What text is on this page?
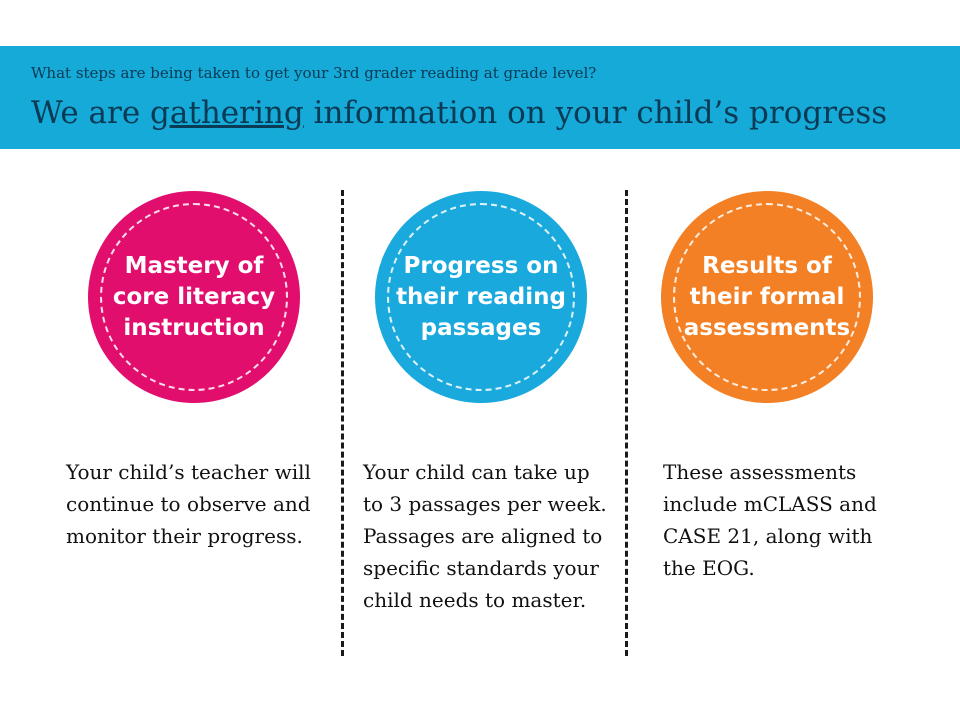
What steps are being taken to get your 3rd grader reading at grade level?
We are gathering information on your child’s progress
Mastery of core literacy instruction
Progress on their reading passages
Results of their formal assessments
Your child’s teacher will continue to observe and monitor their progress.
Your child can take up to 3 passages per week. Passages are aligned to specific standards your child needs to master.
These assessments include mCLASS and CASE 21, along with the EOG.
